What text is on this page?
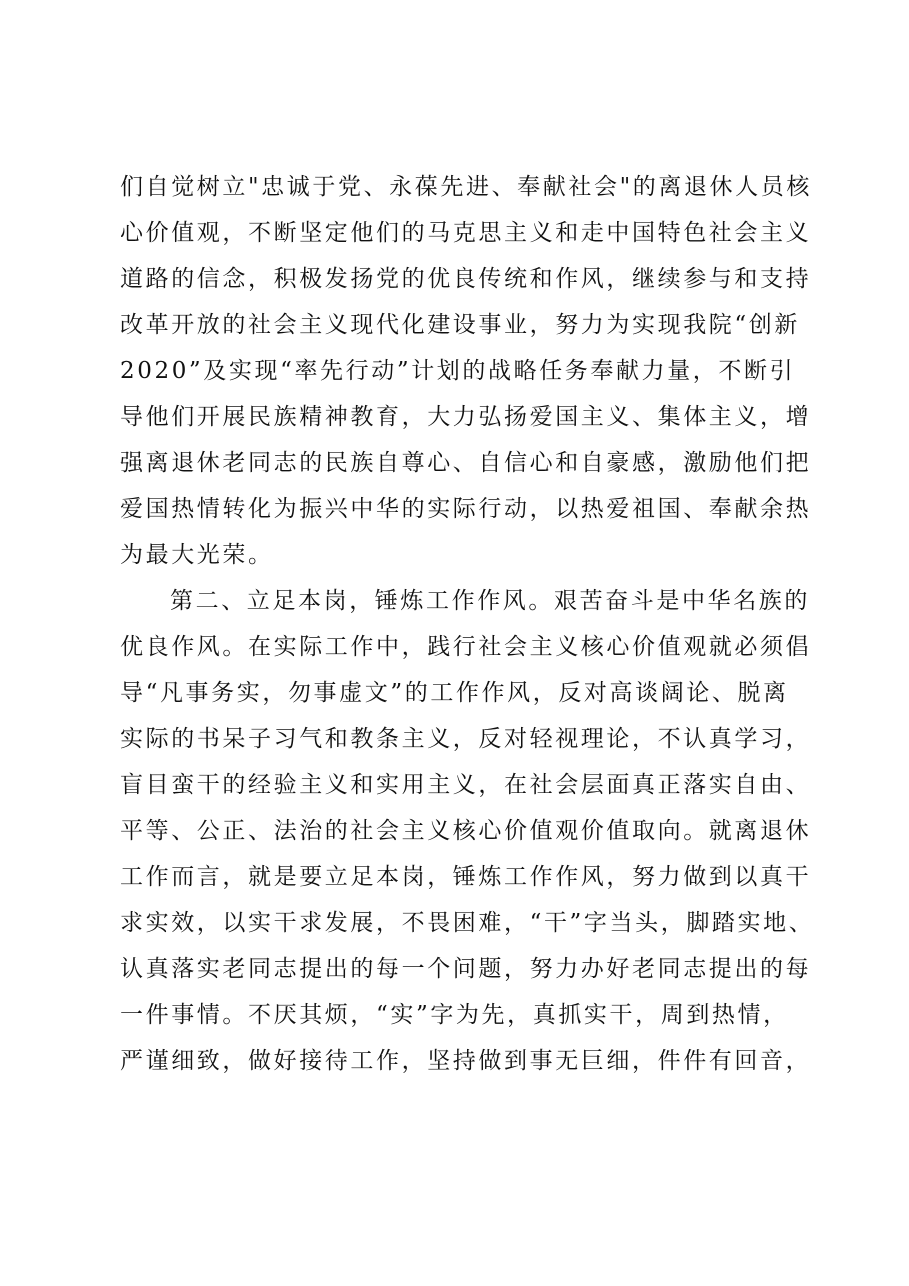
们自觉树立"忠诚于党、永葆先进、奉献社会"的离退休人员核
心价值观，不断坚定他们的马克思主义和走中国特色社会主义
道路的信念，积极发扬党的优良传统和作风，继续参与和支持
改革开放的社会主义现代化建设事业，努力为实现我院“创新
2020”及实现“率先行动”计划的战略任务奉献力量，不断引
导他们开展民族精神教育，大力弘扬爱国主义、集体主义，增
强离退休老同志的民族自尊心、自信心和自豪感，激励他们把
爱国热情转化为振兴中华的实际行动，以热爱祖国、奉献余热
为最大光荣。
第二、立足本岗，锤炼工作作风。艰苦奋斗是中华名族的
优良作风。在实际工作中，践行社会主义核心价值观就必须倡
导“凡事务实，勿事虚文”的工作作风，反对高谈阔论、脱离
实际的书呆子习气和教条主义，反对轻视理论，不认真学习，
盲目蛮干的经验主义和实用主义，在社会层面真正落实自由、
平等、公正、法治的社会主义核心价值观价值取向。就离退休
工作而言，就是要立足本岗，锤炼工作作风，努力做到以真干
求实效，以实干求发展，不畏困难，“干”字当头，脚踏实地、
认真落实老同志提出的每一个问题，努力办好老同志提出的每
一件事情。不厌其烦，“实”字为先，真抓实干，周到热情，
严谨细致，做好接待工作，坚持做到事无巨细，件件有回音，
